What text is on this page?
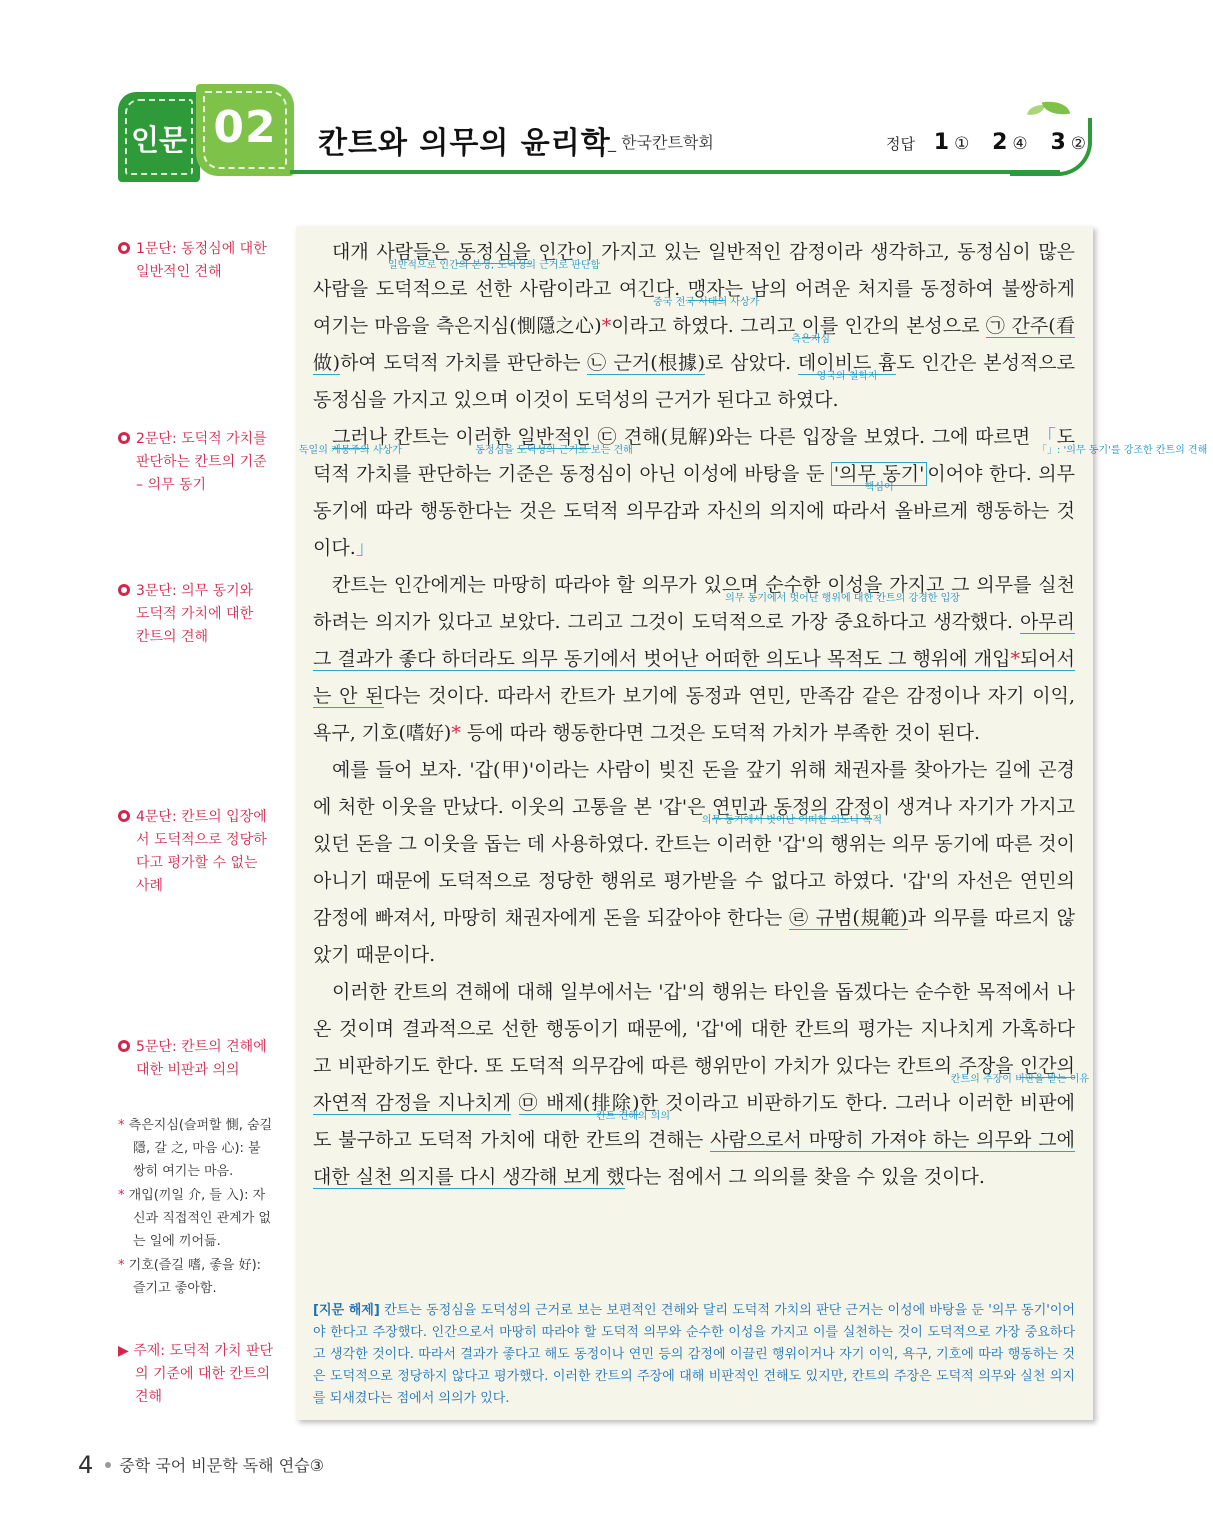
인문 02	칸트와 의무의 윤리학
_ 한국칸트학회	정답 1 ① 2 ④ 3 ②
1문단: 동정심에 대한 일반적인 견해
2문단: 도덕적 가치를 판단하는 칸트의 기준 – 의무 동기
3문단: 의무 동기와 도덕적 가치에 대한 칸트의 견해
4문단: 칸트의 입장에서 도덕적으로 정당하다고 평가할 수 없는 사례
5문단: 칸트의 견해에 대한 비판과 의의
* 측은지심(슬퍼할 惻, 숨길 隱, 갈 之, 마음 心): 불쌍히 여기는 마음.
* 개입(끼일 介, 들 入): 자신과 직접적인 관계가 없는 일에 끼어듦.
* 기호(즐길 嗜, 좋을 好): 즐기고 좋아함.
▶ 주제: 도덕적 가치 판단의 기준에 대한 칸트의 견해

대개 사람들은 동정심을
일반적으로 인간의 본성, 도덕성의 근거로 판단함
인간이 가지고 있는 일반적인 감정이라 생각하고, 동정심이 많은 사람을 도덕적으로 선한 사람이라고 여긴다. 맹자
중국 전국 시대의 사상가
는 남의 어려운 처지를 동정하여 불쌍하게 여기는 마음을 측은지심(惻隱之心)*이라고 하였다. 그리고 이
측은지심
를 인간의 본성으로 ㉠ 간주(看做)하여 도덕적 가치를 판단하는 ㉡ 근거(根據)로 삼았다. 데이비드 흄
영국의 철학자
도 인간은 본성적으로 동정심을 가지고 있으며 이것이 도덕성의 근거가 된다고 하였다.

그러
독일의 계몽주의 사상가
나 칸트는 이러한 일반적인
동정심을 도덕성의 근거로 보는 견해
㉢ 견해(見解)와는 다른 입장을 보였다. 그에 따르면 「
「」: '의무 동기'를 강조한 칸트의 견해
도덕적 가치를 판단하는 기준은 동정심이 아닌 이성에 바탕을 둔 '의무 동기'
핵심어
이어야 한다. 의무 동기에 따라 행동한다는 것은 도덕적 의무감과 자신의 의지에 따라서 올바르게 행동하는 것이다.」

칸트는 인간에게는 마땅히 따라야 할 의무가 있으며 순수한 이성을 가지고 그 의무를 실천하려는 의지가 있다고 보았다. 그리고 그것이 도덕적으로 가장 중요하다고 생각했다. 아무리 그 결과가 좋다 하더라도 의무 동기에서 벗어난 어떠한 의도나 목적도 그 행위에 개입*되어서는 안 된
의무 동기에서 벗어난 행위에 대한 칸트의 강경한 입장
다는 것이다. 따라서 칸트가 보기에 동정과 연민, 만족감 같은 감정이나 자기 이익, 욕구, 기호(嗜好)* 등에 따라 행동한다면 그것은 도덕적 가치가 부족한 것이 된다.

예를 들어 보자. '갑(甲)'이라는 사람이 빚진 돈을 갚기 위해 채권자를 찾아가는 길에 곤경에 처한 이웃을 만났다. 이웃의 고통을 본 '갑'은 연민과 동정의 감정
의무 동기에서 벗어난 어떠한 의도나 목적
이 생겨나 자기가 가지고 있던 돈을 그 이웃을 돕는 데 사용하였다. 칸트는 이러한 '갑'의 행위는 의무 동기에 따른 것이 아니기 때문에 도덕적으로 정당한 행위로 평가받을 수 없다고 하였다. '갑'의 자선은 연민의 감정에 빠져서, 마땅히 채권자에게 돈을 되갚아야 한다는 ㉣ 규범(規範)과 의무를 따르지 않았기 때문이다.

이러한 칸트의 견해에 대해 일부에서는 '갑'의 행위는 타인을 돕겠다는 순수한 목적에서 나온 것이며 결과적으로 선한 행동이기 때문에, '갑'에 대한 칸트의 평가는 지나치게 가혹하다고 비판하기도 한다. 또 도덕적 의무감에 따른 행위만이 가치가 있다는 칸트의 주장을 인간의 자연적 감정을 지나치게
칸트의 주장이 비판을 받는 이유
㉤ 배제(排除)한 것이라고 비판하기도 한다. 그러나 이러한 비판에도 불구하고 도덕적 가치에 대한 칸트의 견해는 사람으로서 마땅히 가져야 하는 의무와 그에 대한 실천 의지를 다시 생각해 보게 했
칸트 견해의 의의
다는 점에서 그 의의를 찾을 수 있을 것이다.

[지문 해제] 칸트는 동정심을 도덕성의 근거로 보는 보편적인 견해와 달리 도덕적 가치의 판단 근거는 이성에 바탕을 둔 '의무 동기'이어야 한다고 주장했다. 인간으로서 마땅히 따라야 할 도덕적 의무와 순수한 이성을 가지고 이를 실천하는 것이 도덕적으로 가장 중요하다고 생각한 것이다. 따라서 결과가 좋다고 해도 동정이나 연민 등의 감정에 이끌린 행위이거나 자기 이익, 욕구, 기호에 따라 행동하는 것은 도덕적으로 정당하지 않다고 평가했다. 이러한 칸트의 주장에 대해 비판적인 견해도 있지만, 칸트의 주장은 도덕적 의무와 실천 의지를 되새겼다는 점에서 의의가 있다.
4 중학 국어 비문학 독해 연습③
